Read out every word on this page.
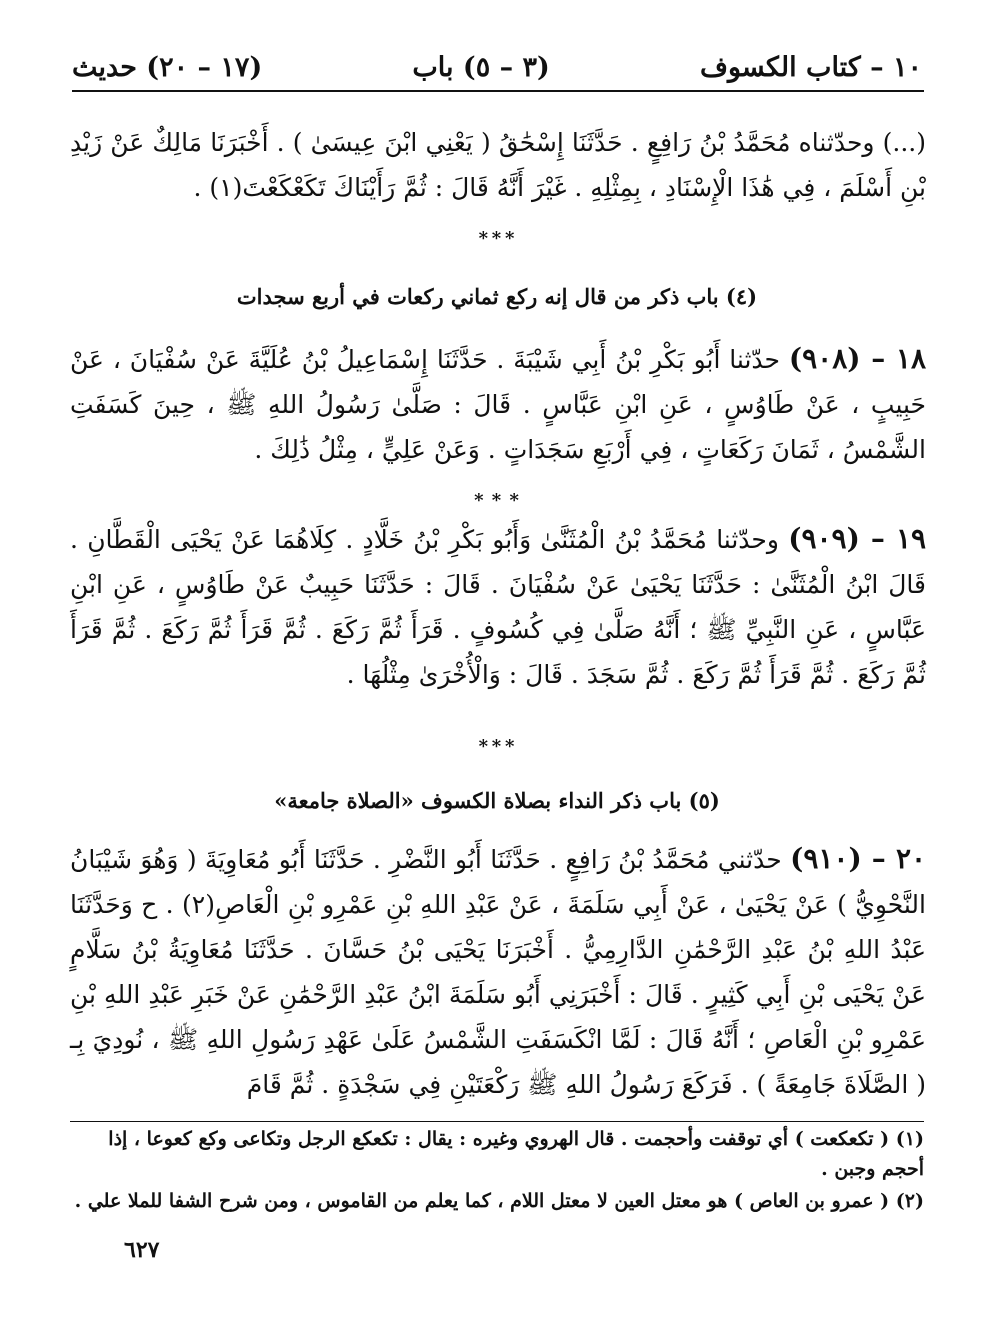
١٠ – كتاب الكسوف
(٣ – ٥) باب
(١٧ – ٢٠) حديث

(...) وحدّثناه مُحَمَّدُ بْنُ رَافِعٍ . حَدَّثَنَا إِسْحَٰقُ ( يَعْنِي ابْنَ عِيسَىٰ ) . أَخْبَرَنَا مَالِكٌ عَنْ زَيْدِ بْنِ أَسْلَمَ ، فِي هَٰذَا الْإِسْنَادِ ، بِمِثْلِهِ . غَيْرَ أَنَّهُ قَالَ : ثُمَّ رَأَيْنَاكَ تَكَعْكَعْتَ(١) .

* * *
(٤) باب ذكر من قال إنه ركع ثماني ركعات في أربع سجدات

١٨ – (٩٠٨) حدّثنا أَبُو بَكْرِ بْنُ أَبِي شَيْبَةَ . حَدَّثَنَا إِسْمَاعِيلُ بْنُ عُلَيَّةَ عَنْ سُفْيَانَ ، عَنْ حَبِيبٍ ، عَنْ طَاوُسٍ ، عَنِ ابْنِ عَبَّاسٍ . قَالَ : صَلَّىٰ رَسُولُ اللهِ ﷺ ، حِينَ كَسَفَتِ الشَّمْسُ ، ثَمَانَ رَكَعَاتٍ ، فِي أَرْبَعِ سَجَدَاتٍ . وَعَنْ عَلِيٍّ ، مِثْلُ ذَٰلِكَ .

* * *

١٩ – (٩٠٩) وحدّثنا مُحَمَّدُ بْنُ الْمُثَنَّىٰ وَأَبُو بَكْرِ بْنُ خَلَّادٍ . كِلَاهُمَا عَنْ يَحْيَى الْقَطَّانِ . قَالَ ابْنُ الْمُثَنَّىٰ : حَدَّثَنَا يَحْيَىٰ عَنْ سُفْيَانَ . قَالَ : حَدَّثَنَا حَبِيبٌ عَنْ طَاوُسٍ ، عَنِ ابْنِ عَبَّاسٍ ، عَنِ النَّبِيِّ ﷺ ؛ أَنَّهُ صَلَّىٰ فِي كُسُوفٍ . قَرَأَ ثُمَّ رَكَعَ . ثُمَّ قَرَأَ ثُمَّ رَكَعَ . ثُمَّ قَرَأَ ثُمَّ رَكَعَ . ثُمَّ قَرَأَ ثُمَّ رَكَعَ . ثُمَّ سَجَدَ . قَالَ : وَالْأُخْرَىٰ مِثْلُهَا .

* * *
(٥) باب ذكر النداء بصلاة الكسوف «الصلاة جامعة»

٢٠ – (٩١٠) حدّثني مُحَمَّدُ بْنُ رَافِعٍ . حَدَّثَنَا أَبُو النَّضْرِ . حَدَّثَنَا أَبُو مُعَاوِيَةَ ( وَهُوَ شَيْبَانُ النَّحْوِيُّ ) عَنْ يَحْيَىٰ ، عَنْ أَبِي سَلَمَةَ ، عَنْ عَبْدِ اللهِ بْنِ عَمْرِو بْنِ الْعَاصِ(٢) . ح وَحَدَّثَنَا عَبْدُ اللهِ بْنُ عَبْدِ الرَّحْمَٰنِ الدَّارِمِيُّ . أَخْبَرَنَا يَحْيَى بْنُ حَسَّانَ . حَدَّثَنَا مُعَاوِيَةُ بْنُ سَلَّامٍ عَنْ يَحْيَى بْنِ أَبِي كَثِيرٍ . قَالَ : أَخْبَرَنِي أَبُو سَلَمَةَ ابْنُ عَبْدِ الرَّحْمَٰنِ عَنْ خَبَرِ عَبْدِ اللهِ بْنِ عَمْرِو بْنِ الْعَاصِ ؛ أَنَّهُ قَالَ : لَمَّا انْكَسَفَتِ الشَّمْسُ عَلَىٰ عَهْدِ رَسُولِ اللهِ ﷺ ، نُودِيَ بِـ ( الصَّلَاةَ جَامِعَةً ) . فَرَكَعَ رَسُولُ اللهِ ﷺ رَكْعَتَيْنِ فِي سَجْدَةٍ . ثُمَّ قَامَ

(١) ( تكعكعت ) أي توقفت وأحجمت . قال الهروي وغيره : يقال : تكعكع الرجل وتكاعى وكع كعوعا ، إذا أحجم وجبن .

(٢) ( عمرو بن العاص ) هو معتل العين لا معتل اللام ، كما يعلم من القاموس ، ومن شرح الشفا للملا علي .

٦٢٧
